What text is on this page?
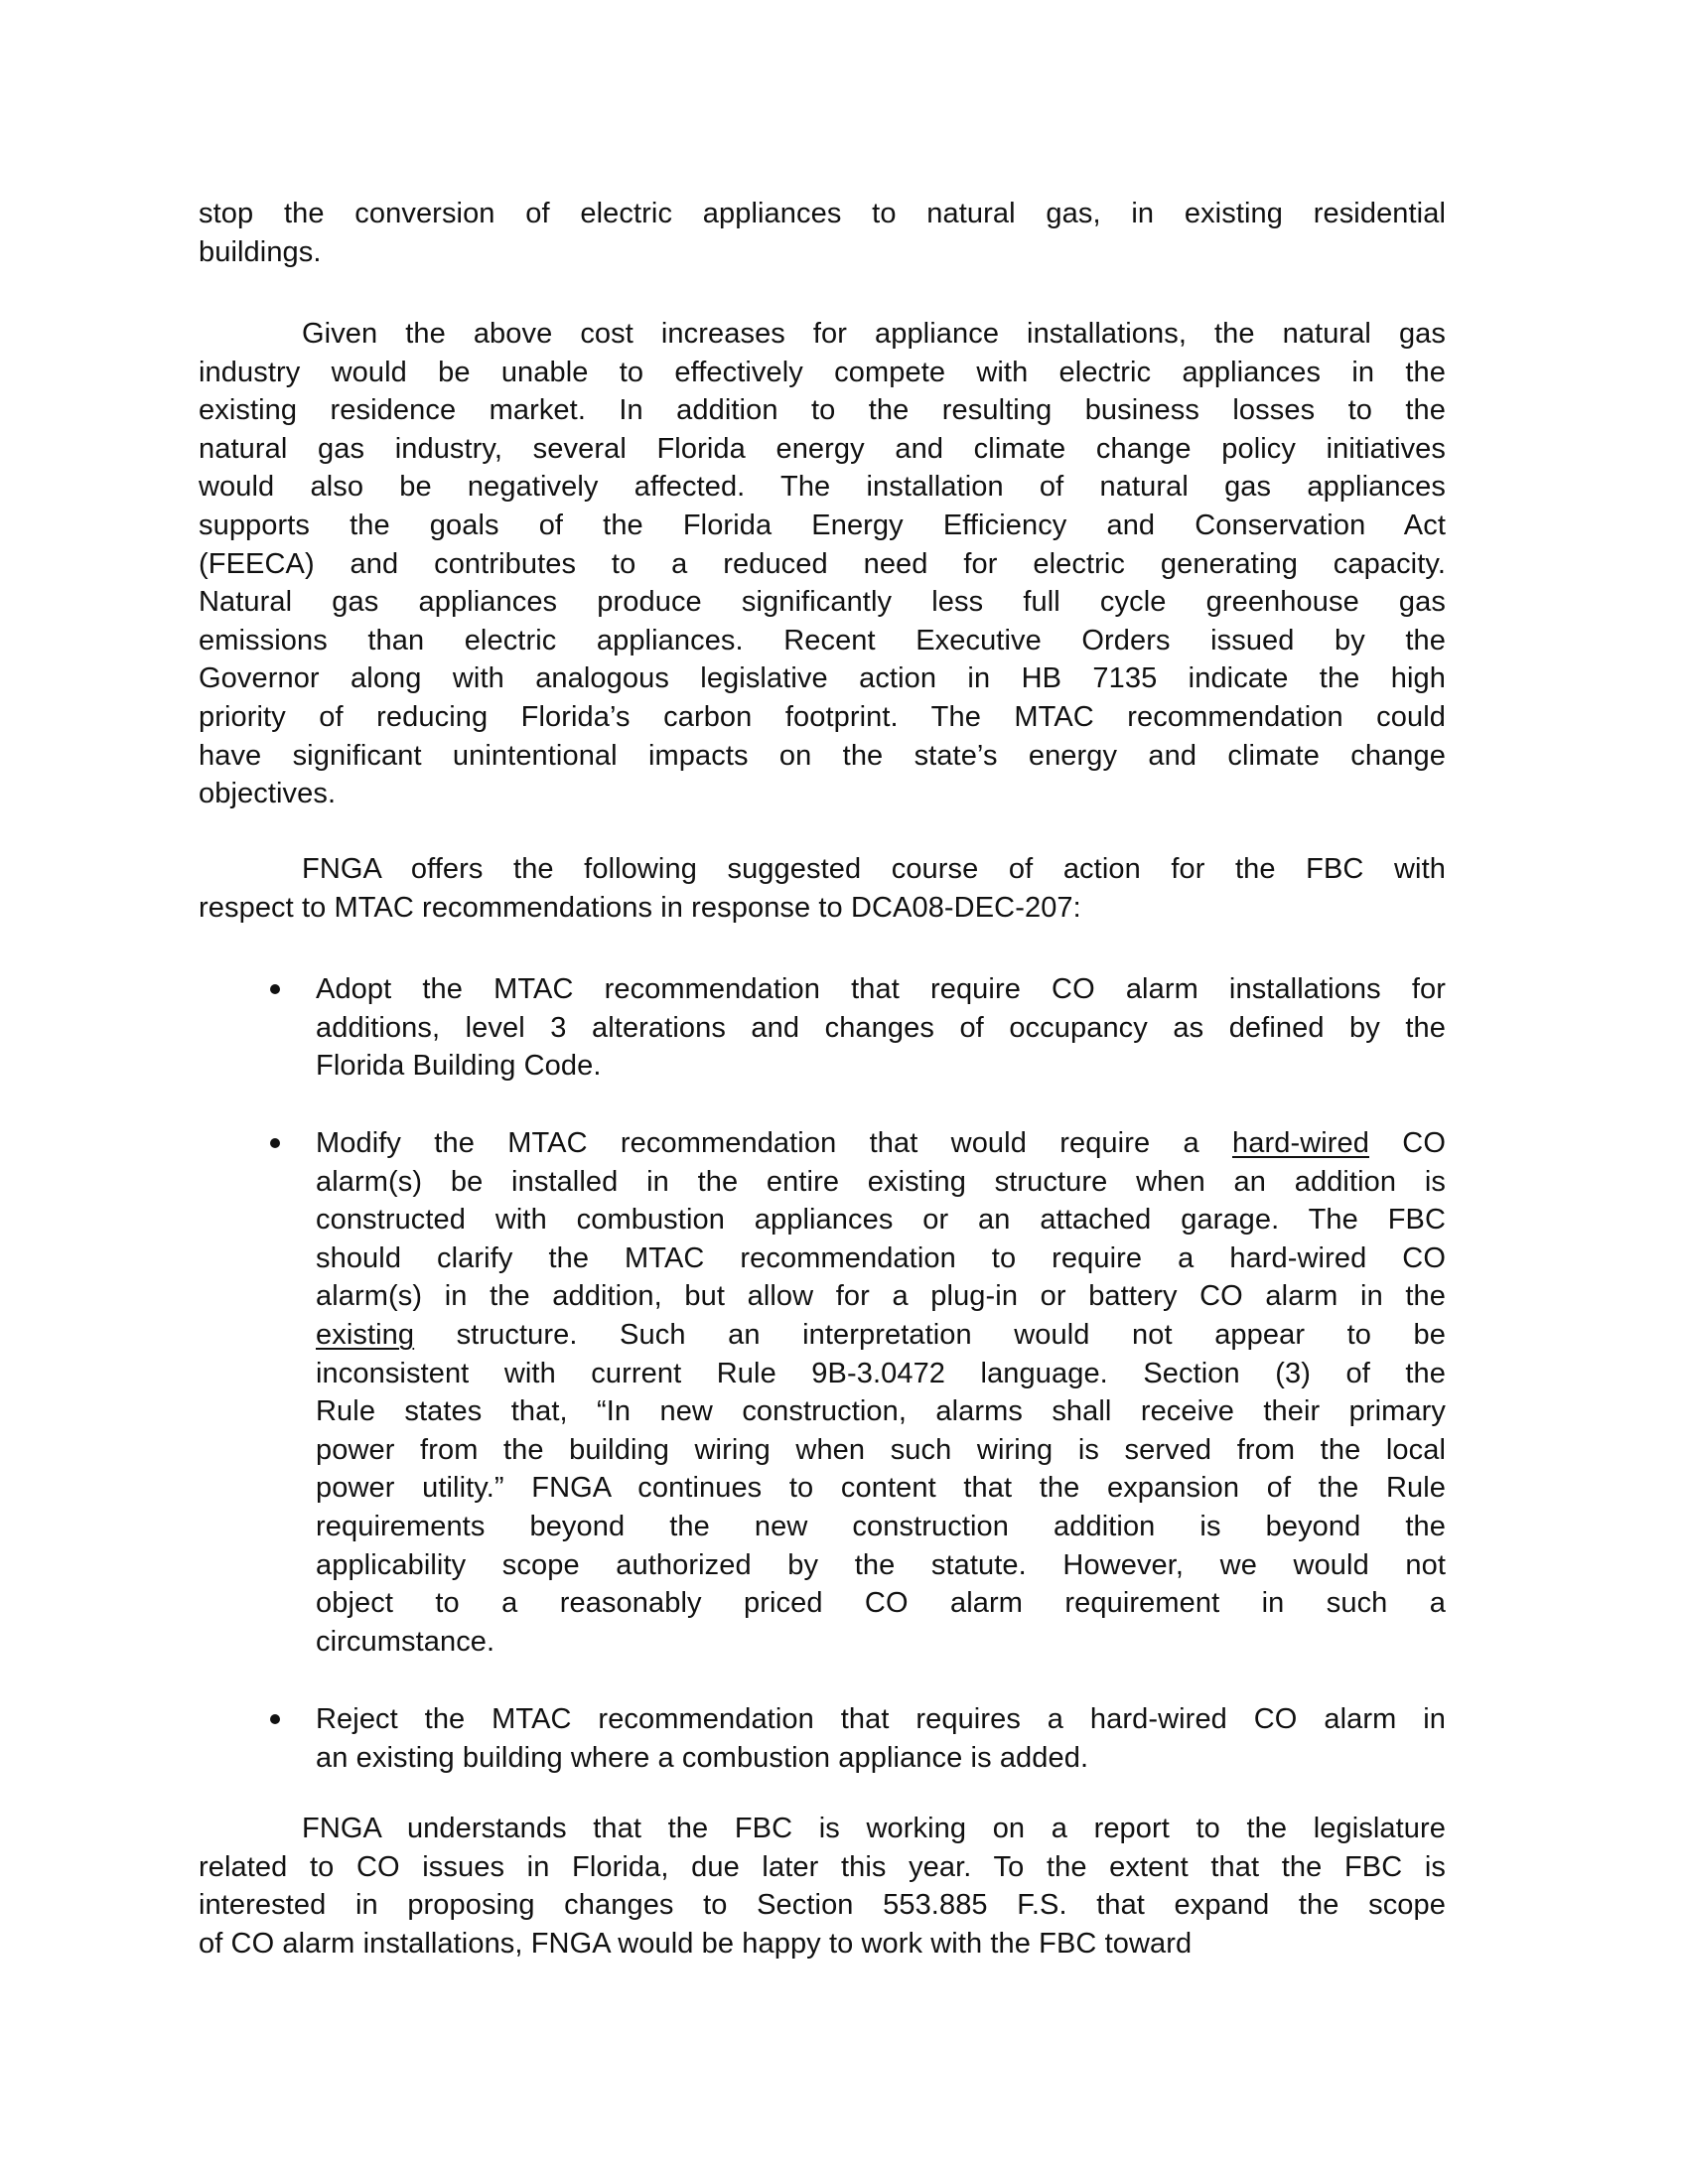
stop the conversion of electric appliances to natural gas, in existing residential
buildings.
Given the above cost increases for appliance installations, the natural gas
industry would be unable to effectively compete with electric appliances in the
existing residence market. In addition to the resulting business losses to the
natural gas industry, several Florida energy and climate change policy initiatives
would also be negatively affected. The installation of natural gas appliances
supports the goals of the Florida Energy Efficiency and Conservation Act
(FEECA) and contributes to a reduced need for electric generating capacity.
Natural gas appliances produce significantly less full cycle greenhouse gas
emissions than electric appliances. Recent Executive Orders issued by the
Governor along with analogous legislative action in HB 7135 indicate the high
priority of reducing Florida’s carbon footprint. The MTAC recommendation could
have significant unintentional impacts on the state’s energy and climate change
objectives.
FNGA offers the following suggested course of action for the FBC with
respect to MTAC recommendations in response to DCA08-DEC-207:
Adopt the MTAC recommendation that require CO alarm installations for
additions, level 3 alterations and changes of occupancy as defined by the
Florida Building Code.
Modify the MTAC recommendation that would require a hard-wired CO
alarm(s) be installed in the entire existing structure when an addition is
constructed with combustion appliances or an attached garage. The FBC
should clarify the MTAC recommendation to require a hard-wired CO
alarm(s) in the addition, but allow for a plug-in or battery CO alarm in the
existing structure. Such an interpretation would not appear to be
inconsistent with current Rule 9B-3.0472 language. Section (3) of the
Rule states that, “In new construction, alarms shall receive their primary
power from the building wiring when such wiring is served from the local
power utility.” FNGA continues to content that the expansion of the Rule
requirements beyond the new construction addition is beyond the
applicability scope authorized by the statute. However, we would not
object to a reasonably priced CO alarm requirement in such a
circumstance.
Reject the MTAC recommendation that requires a hard-wired CO alarm in
an existing building where a combustion appliance is added.
FNGA understands that the FBC is working on a report to the legislature
related to CO issues in Florida, due later this year. To the extent that the FBC is
interested in proposing changes to Section 553.885 F.S. that expand the scope
of CO alarm installations, FNGA would be happy to work with the FBC toward
